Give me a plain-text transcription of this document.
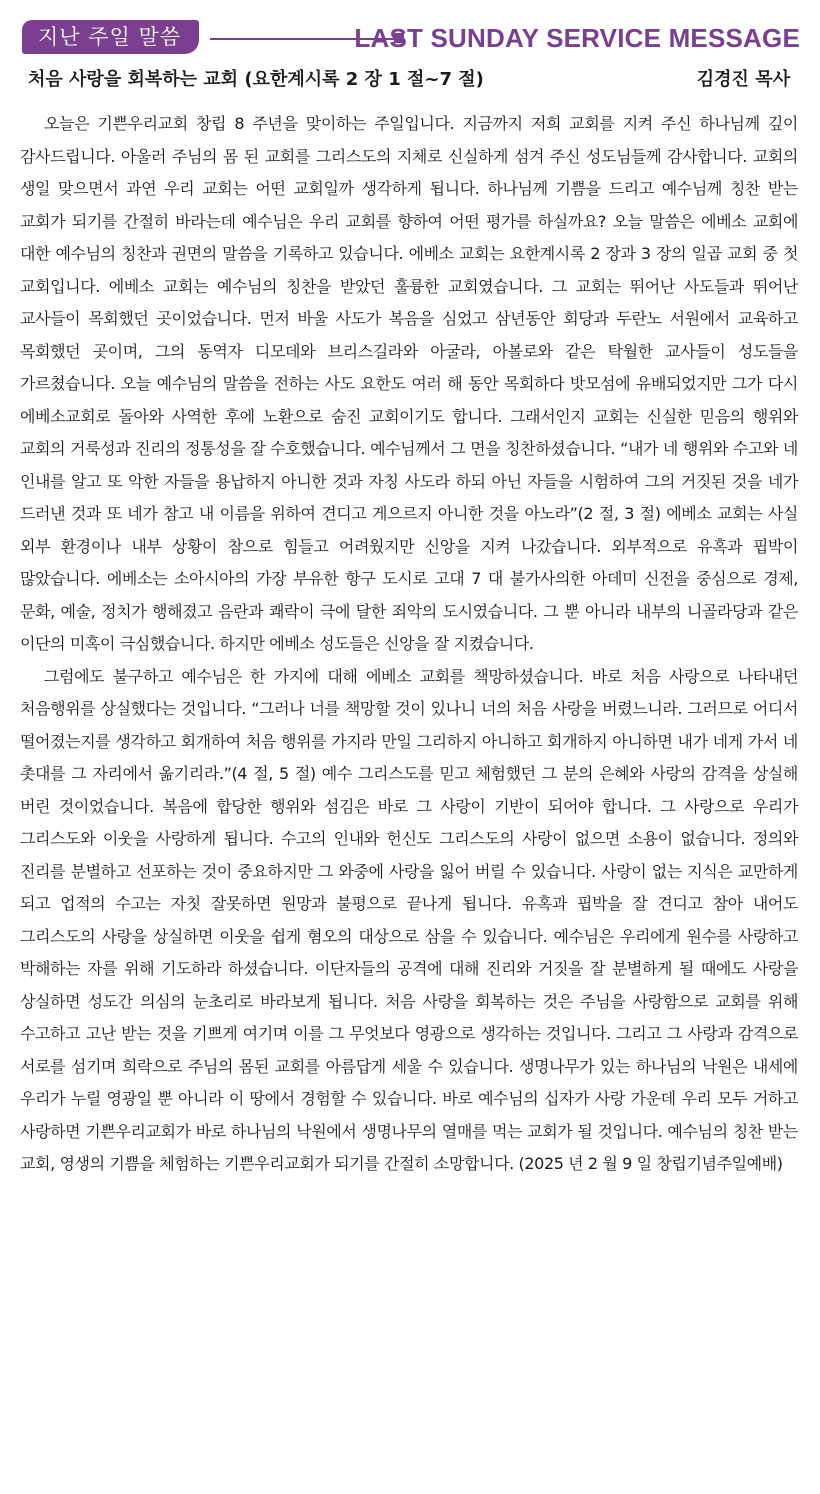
지난 주일 말씀	LAST SUNDAY SERVICE MESSAGE
처음 사랑을 회복하는 교회 (요한계시록 2 장 1 절~7 절)	김경진 목사

오늘은 기쁜우리교회 창립 8 주년을 맞이하는 주일입니다. 지금까지 저희 교회를 지켜 주신 하나님께 깊이 감사드립니다. 아울러 주님의 몸 된 교회를 그리스도의 지체로 신실하게 섬겨 주신 성도님들께 감사합니다. 교회의 생일 맞으면서 과연 우리 교회는 어떤 교회일까 생각하게 됩니다. 하나님께 기쁨을 드리고 예수님께 칭찬 받는 교회가 되기를 간절히 바라는데 예수님은 우리 교회를 향하여 어떤 평가를 하실까요? 오늘 말씀은 에베소 교회에 대한 예수님의 칭찬과 권면의 말씀을 기록하고 있습니다. 에베소 교회는 요한계시록 2 장과 3 장의 일곱 교회 중 첫 교회입니다. 에베소 교회는 예수님의 칭찬을 받았던 훌륭한 교회였습니다. 그 교회는 뛰어난 사도들과 뛰어난 교사들이 목회했던 곳이었습니다. 먼저 바울 사도가 복음을 심었고 삼년동안 회당과 두란노 서원에서 교육하고 목회했던 곳이며, 그의 동역자 디모데와 브리스길라와 아굴라, 아볼로와 같은 탁월한 교사들이 성도들을 가르쳤습니다. 오늘 예수님의 말씀을 전하는 사도 요한도 여러 해 동안 목회하다 밧모섬에 유배되었지만 그가 다시 에베소교회로 돌아와 사역한 후에 노환으로 숨진 교회이기도 합니다. 그래서인지 교회는 신실한 믿음의 행위와 교회의 거룩성과 진리의 정통성을 잘 수호했습니다. 예수님께서 그 면을 칭찬하셨습니다. “내가 네 행위와 수고와 네 인내를 알고 또 악한 자들을 용납하지 아니한 것과 자칭 사도라 하되 아닌 자들을 시험하여 그의 거짓된 것을 네가 드러낸 것과 또 네가 참고 내 이름을 위하여 견디고 게으르지 아니한 것을 아노라”(2 절, 3 절) 에베소 교회는 사실 외부 환경이나 내부 상황이 참으로 힘들고 어려웠지만 신앙을 지켜 나갔습니다. 외부적으로 유혹과 핍박이 많았습니다. 에베소는 소아시아의 가장 부유한 항구 도시로 고대 7 대 불가사의한 아데미 신전을 중심으로 경제, 문화, 예술, 정치가 행해졌고 음란과 쾌락이 극에 달한 죄악의 도시였습니다. 그 뿐 아니라 내부의 니골라당과 같은 이단의 미혹이 극심했습니다. 하지만 에베소 성도들은 신앙을 잘 지켰습니다.

그럼에도 불구하고 예수님은 한 가지에 대해 에베소 교회를 책망하셨습니다. 바로 처음 사랑으로 나타내던 처음행위를 상실했다는 것입니다. “그러나 너를 책망할 것이 있나니 너의 처음 사랑을 버렸느니라. 그러므로 어디서 떨어졌는지를 생각하고 회개하여 처음 행위를 가지라 만일 그리하지 아니하고 회개하지 아니하면 내가 네게 가서 네 촛대를 그 자리에서 옮기리라.”(4 절, 5 절) 예수 그리스도를 믿고 체험했던 그 분의 은혜와 사랑의 감격을 상실해 버린 것이었습니다. 복음에 합당한 행위와 섬김은 바로 그 사랑이 기반이 되어야 합니다. 그 사랑으로 우리가 그리스도와 이웃을 사랑하게 됩니다. 수고의 인내와 헌신도 그리스도의 사랑이 없으면 소용이 없습니다. 정의와 진리를 분별하고 선포하는 것이 중요하지만 그 와중에 사랑을 잃어 버릴 수 있습니다. 사랑이 없는 지식은 교만하게 되고 업적의 수고는 자칫 잘못하면 원망과 불평으로 끝나게 됩니다. 유혹과 핍박을 잘 견디고 참아 내어도 그리스도의 사랑을 상실하면 이웃을 쉽게 혐오의 대상으로 삼을 수 있습니다. 예수님은 우리에게 원수를 사랑하고 박해하는 자를 위해 기도하라 하셨습니다. 이단자들의 공격에 대해 진리와 거짓을 잘 분별하게 될 때에도 사랑을 상실하면 성도간 의심의 눈초리로 바라보게 됩니다. 처음 사랑을 회복하는 것은 주님을 사랑함으로 교회를 위해 수고하고 고난 받는 것을 기쁘게 여기며 이를 그 무엇보다 영광으로 생각하는 것입니다. 그리고 그 사랑과 감격으로 서로를 섬기며 희락으로 주님의 몸된 교회를 아름답게 세울 수 있습니다. 생명나무가 있는 하나님의 낙원은 내세에 우리가 누릴 영광일 뿐 아니라 이 땅에서 경험할 수 있습니다. 바로 예수님의 십자가 사랑 가운데 우리 모두 거하고 사랑하면 기쁜우리교회가 바로 하나님의 낙원에서 생명나무의 열매를 먹는 교회가 될 것입니다. 예수님의 칭찬 받는 교회, 영생의 기쁨을 체험하는 기쁜우리교회가 되기를 간절히 소망합니다. (2025 년 2 월 9 일 창립기념주일예배)
